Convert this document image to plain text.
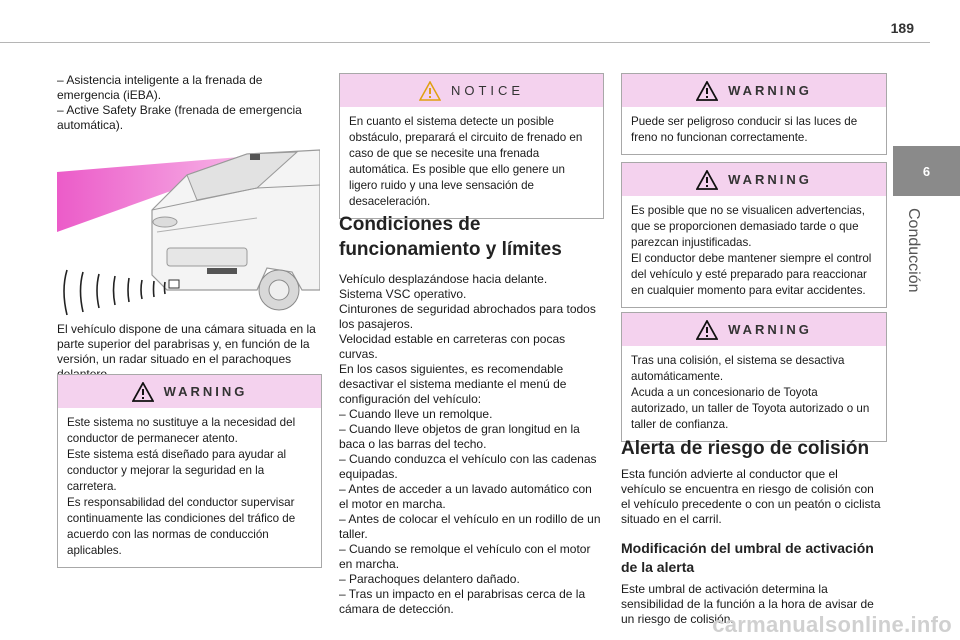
189
6
Conducción

– Asistencia inteligente a la frenada de emergencia (iEBA).

– Active Safety Brake (frenada de emergencia automática).

El vehículo dispone de una cámara situada en la parte superior del parabrisas y, en función de la versión, un radar situado en el parachoques

WARNING

Este sistema no sustituye a la necesidad del conductor de permanecer atento.

Este sistema está diseñado para ayudar al conductor y mejorar la seguridad en la carretera.

Es responsabilidad del conductor supervisar continuamente las condiciones del tráfico de acuerdo con las normas de conducción aplicables.

NOTICE

En cuanto el sistema detecte un posible obstáculo, preparará el circuito de frenado en caso de que se necesite una frenada automática. Es posible que ello genere un ligero ruido y una leve sensación de desaceleración.

Condiciones de funcionamiento y límites

Vehículo desplazándose hacia delante.

Sistema VSC operativo.

Cinturones de seguridad abrochados para todos los pasajeros.

Velocidad estable en carreteras con pocas curvas.

En los casos siguientes, es recomendable desactivar el sistema mediante el menú de configuración del vehículo:

– Cuando lleve un remolque.

– Cuando lleve objetos de gran longitud en la baca o las barras del techo.

– Cuando conduzca el vehículo con las cadenas equipadas.

– Antes de acceder a un lavado automático con el motor en marcha.

– Antes de colocar el vehículo en un rodillo de un taller.

– Cuando se remolque el vehículo con el motor en marcha.

– Parachoques delantero dañado.

– Tras un impacto en el parabrisas cerca de la cámara de detección.

WARNING

Puede ser peligroso conducir si las luces de freno no funcionan correctamente.

WARNING

Es posible que no se visualicen advertencias, que se proporcionen demasiado tarde o que parezcan injustificadas.

El conductor debe mantener siempre el control del vehículo y esté preparado para reaccionar en cualquier momento para evitar accidentes.

WARNING

Tras una colisión, el sistema se desactiva automáticamente.

Acuda a un concesionario de Toyota autorizado, un taller de Toyota autorizado o un taller de confianza.

Alerta de riesgo de colisión

Esta función advierte al conductor que el vehículo se encuentra en riesgo de colisión con el vehículo precedente o con un peatón o ciclista situado en el carril.

Modificación del umbral de activación de la alerta

Este umbral de activación determina la sensibilidad de la función a la hora de avisar de un riesgo de colisión.

carmanualsonline.info
